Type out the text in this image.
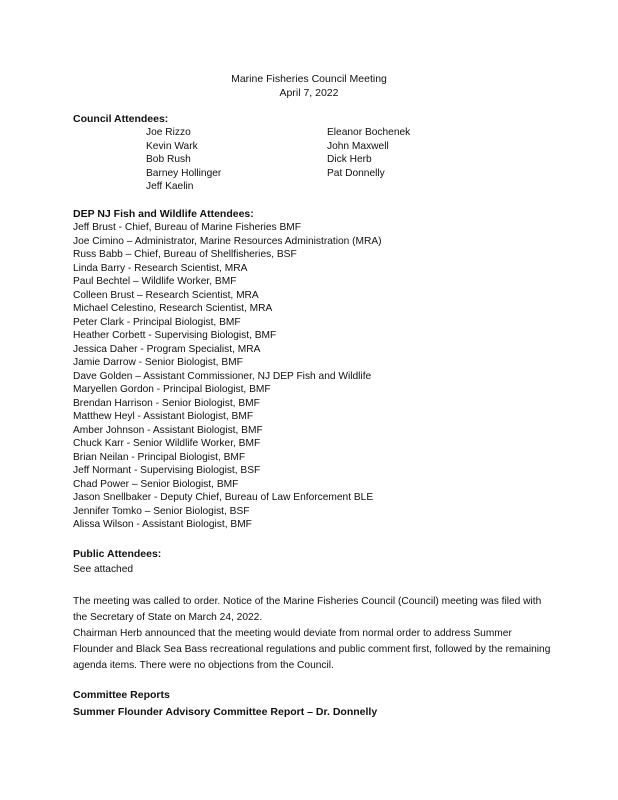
Marine Fisheries Council Meeting
April 7, 2022
Council Attendees:
Joe Rizzo
Kevin Wark
Bob Rush
Barney Hollinger
Jeff Kaelin
Eleanor Bochenek
John Maxwell
Dick Herb
Pat Donnelly
DEP NJ Fish and Wildlife Attendees:
Jeff Brust - Chief, Bureau of Marine Fisheries BMF
Joe Cimino – Administrator, Marine Resources Administration (MRA)
Russ Babb – Chief, Bureau of Shellfisheries, BSF
Linda Barry - Research Scientist, MRA
Paul Bechtel – Wildlife Worker, BMF
Colleen Brust – Research Scientist, MRA
Michael Celestino, Research Scientist, MRA
Peter Clark - Principal Biologist, BMF
Heather Corbett - Supervising Biologist, BMF
Jessica Daher - Program Specialist, MRA
Jamie Darrow - Senior Biologist, BMF
Dave Golden – Assistant Commissioner, NJ DEP Fish and Wildlife
Maryellen Gordon - Principal Biologist, BMF
Brendan Harrison - Senior Biologist, BMF
Matthew Heyl - Assistant Biologist, BMF
Amber Johnson - Assistant Biologist, BMF
Chuck Karr - Senior Wildlife Worker, BMF
Brian Neilan - Principal Biologist, BMF
Jeff Normant - Supervising Biologist, BSF
Chad Power – Senior Biologist, BMF
Jason Snellbaker - Deputy Chief, Bureau of Law Enforcement BLE
Jennifer Tomko – Senior Biologist, BSF
Alissa Wilson - Assistant Biologist, BMF
Public Attendees:
See attached
The meeting was called to order. Notice of the Marine Fisheries Council (Council) meeting was filed with the Secretary of State on March 24, 2022.
Chairman Herb announced that the meeting would deviate from normal order to address Summer Flounder and Black Sea Bass recreational regulations and public comment first, followed by the remaining agenda items. There were no objections from the Council.
Committee Reports
Summer Flounder Advisory Committee Report – Dr. Donnelly
